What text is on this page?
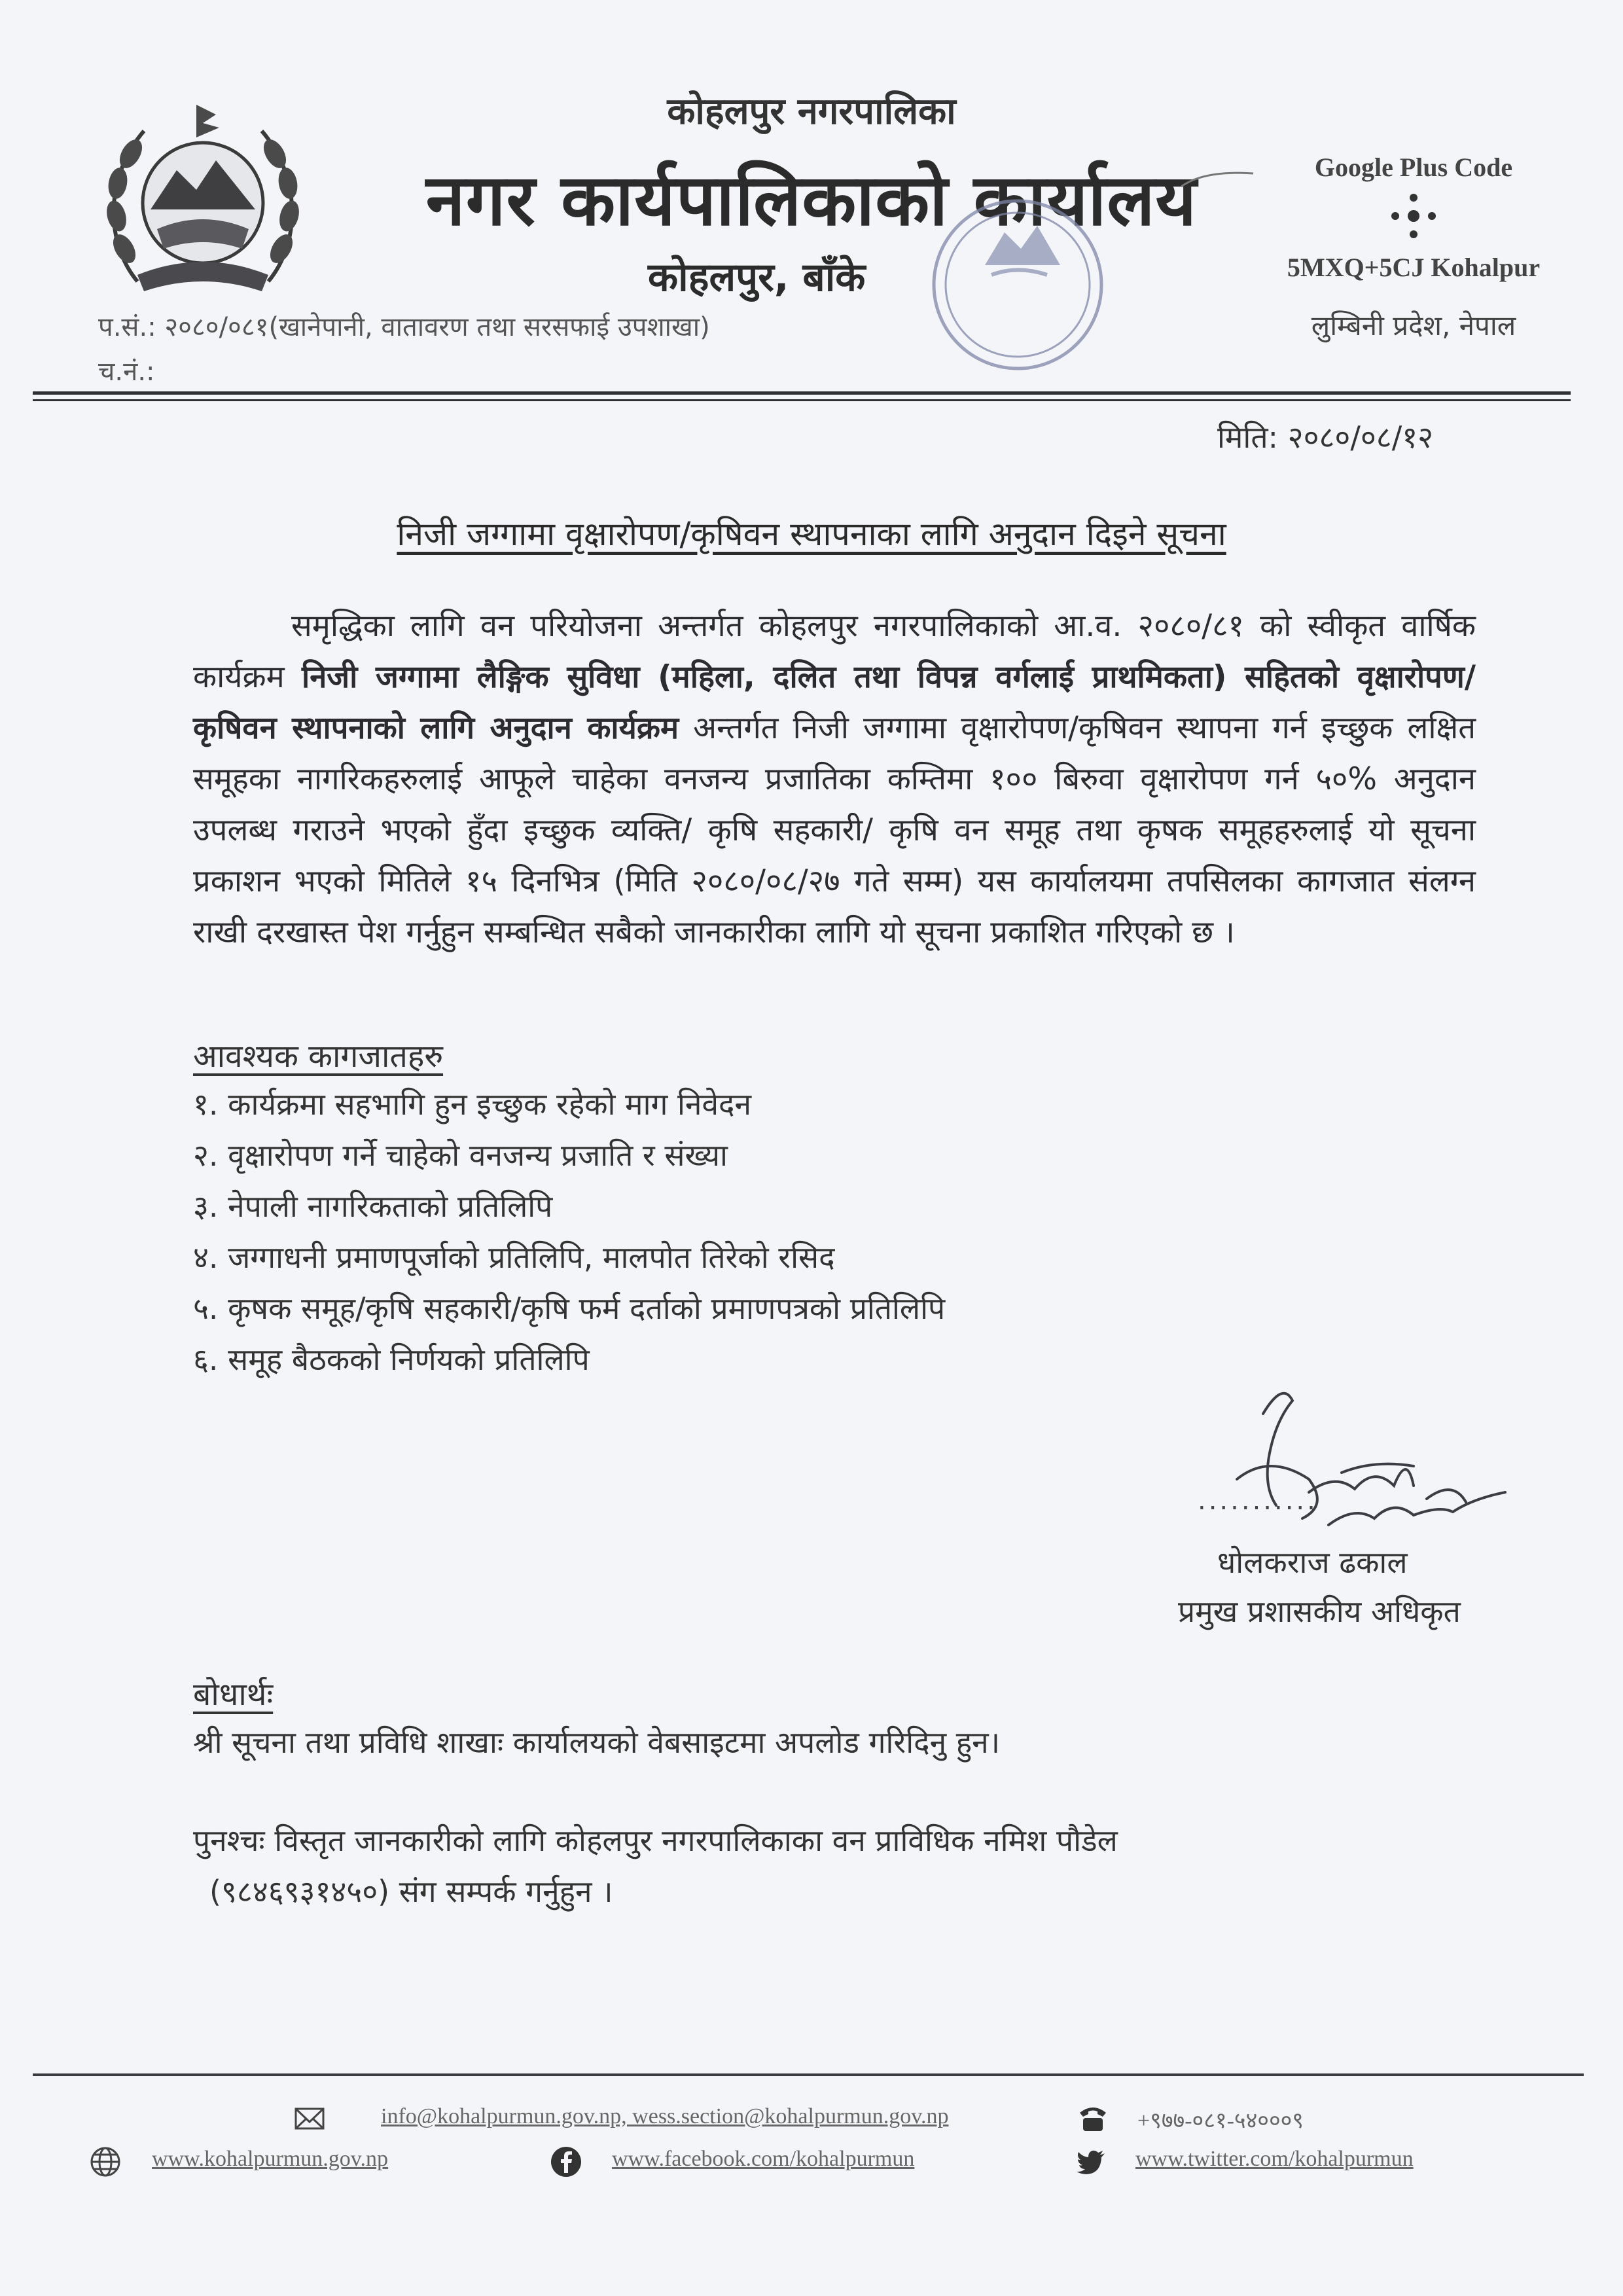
कोहलपुर नगरपालिका
नगर कार्यपालिकाको कार्यालय
कोहलपुर, बाँके
Google Plus Code
5MXQ+5CJ Kohalpur
लुम्बिनी प्रदेश, नेपाल
प.सं.: २०८०/०८१(खानेपानी, वातावरण तथा सरसफाई उपशाखा)
च.नं.:
मिति: २०८०/०८/१२
निजी जग्गामा वृक्षारोपण/कृषिवन स्थापनाका लागि अनुदान दिइने सूचना
समृद्धिका लागि वन परियोजना अन्तर्गत कोहलपुर नगरपालिकाको आ.व. २०८०/८१ को स्वीकृत वार्षिक कार्यक्रम निजी जग्गामा लैङ्गिक सुविधा (महिला, दलित तथा विपन्न वर्गलाई प्राथमिकता) सहितको वृक्षारोपण/ कृषिवन स्थापनाको लागि अनुदान कार्यक्रम अन्तर्गत निजी जग्गामा वृक्षारोपण/कृषिवन स्थापना गर्न इच्छुक लक्षित समूहका नागरिकहरुलाई आफूले चाहेका वनजन्य प्रजातिका कम्तिमा १०० बिरुवा वृक्षारोपण गर्न ५०% अनुदान उपलब्ध गराउने भएको हुँदा इच्छुक व्यक्ति/ कृषि सहकारी/ कृषि वन समूह तथा कृषक समूहहरुलाई यो सूचना प्रकाशन भएको मितिले १५ दिनभित्र (मिति २०८०/०८/२७ गते सम्म) यस कार्यालयमा तपसिलका कागजात संलग्न राखी दरखास्त पेश गर्नुहुन सम्बन्धित सबैको जानकारीका लागि यो सूचना प्रकाशित गरिएको छ ।
आवश्यक कागजातहरु
१. कार्यक्रमा सहभागि हुन इच्छुक रहेको माग निवेदन
२. वृक्षारोपण गर्ने चाहेको वनजन्य प्रजाति र संख्या
३. नेपाली नागरिकताको प्रतिलिपि
४. जग्गाधनी प्रमाणपूर्जाको प्रतिलिपि, मालपोत तिरेको रसिद
५. कृषक समूह/कृषि सहकारी/कृषि फर्म दर्ताको प्रमाणपत्रको प्रतिलिपि
६. समूह बैठकको निर्णयको प्रतिलिपि
...........
धोलकराज ढकाल
प्रमुख प्रशासकीय अधिकृत
बोधार्थः
श्री सूचना तथा प्रविधि शाखाः कार्यालयको वेबसाइटमा अपलोड गरिदिनु हुन।
पुनश्चः विस्तृत जानकारीको लागि कोहलपुर नगरपालिकाका वन प्राविधिक नमिश पौडेल
(९८४६९३१४५०) संग सम्पर्क गर्नुहुन ।
info@kohalpurmun.gov.np, wess.section@kohalpurmun.gov.np	+९७७-०८१-५४०००९
www.kohalpurmun.gov.np	www.facebook.com/kohalpurmun	www.twitter.com/kohalpurmun
